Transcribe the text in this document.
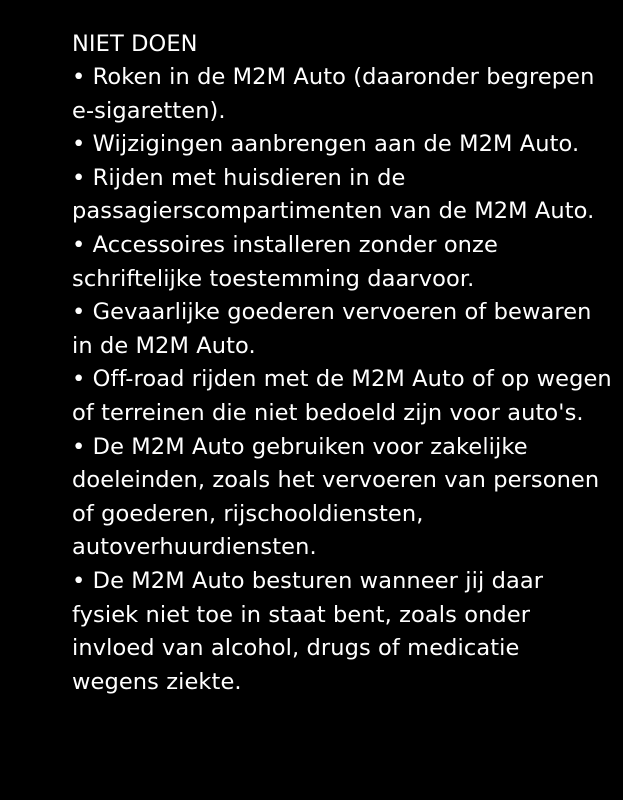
NIET DOEN
• Roken in de M2M Auto (daaronder begrepen e-sigaretten).
• Wijzigingen aanbrengen aan de M2M Auto.
• Rijden met huisdieren in de passagierscompartimenten van de M2M Auto.
• Accessoires installeren zonder onze schriftelijke toestemming daarvoor.
• Gevaarlijke goederen vervoeren of bewaren in de M2M Auto.
• Off-road rijden met de M2M Auto of op wegen of terreinen die niet bedoeld zijn voor auto's.
• De M2M Auto gebruiken voor zakelijke doeleinden, zoals het vervoeren van personen of goederen, rijschooldiensten, autoverhuurdiensten.
• De M2M Auto besturen wanneer jij daar fysiek niet toe in staat bent, zoals onder invloed van alcohol, drugs of medicatie wegens ziekte.
